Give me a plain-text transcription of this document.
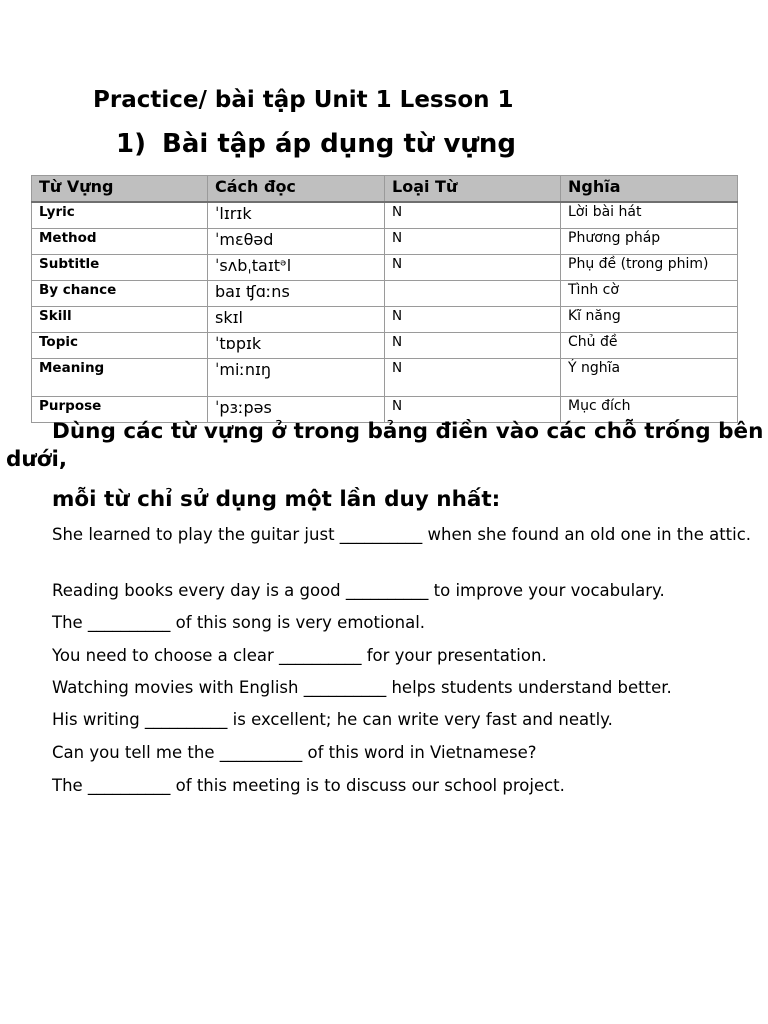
Practice/ bài tập Unit 1 Lesson 1
1) Bài tập áp dụng từ vựng
Từ Vựng	Cách đọc	Loại Từ	Nghĩa
Lyric	ˈlɪrɪk	N	Lời bài hát
Method	ˈmɛθəd	N	Phương pháp
Subtitle	ˈsʌbˌtaɪtᵊl	N	Phụ đề (trong phim)
By chance	baɪ ʧɑːns		Tình cờ
Skill	skɪl	N	Kĩ năng
Topic	ˈtɒpɪk	N	Chủ đề
Meaning	ˈmiːnɪŋ	N	Ý nghĩa
Purpose	ˈpɜːpəs	N	Mục đích
Dùng các từ vựng ở trong bảng điền vào các chỗ trống bên dưới,
mỗi từ chỉ sử dụng một lần duy nhất:
She learned to play the guitar just __________ when she found an old one in the attic.
Reading books every day is a good __________ to improve your vocabulary.
The __________ of this song is very emotional.
You need to choose a clear __________ for your presentation.
Watching movies with English __________ helps students understand better.
His writing __________ is excellent; he can write very fast and neatly.
Can you tell me the __________ of this word in Vietnamese?
The __________ of this meeting is to discuss our school project.
